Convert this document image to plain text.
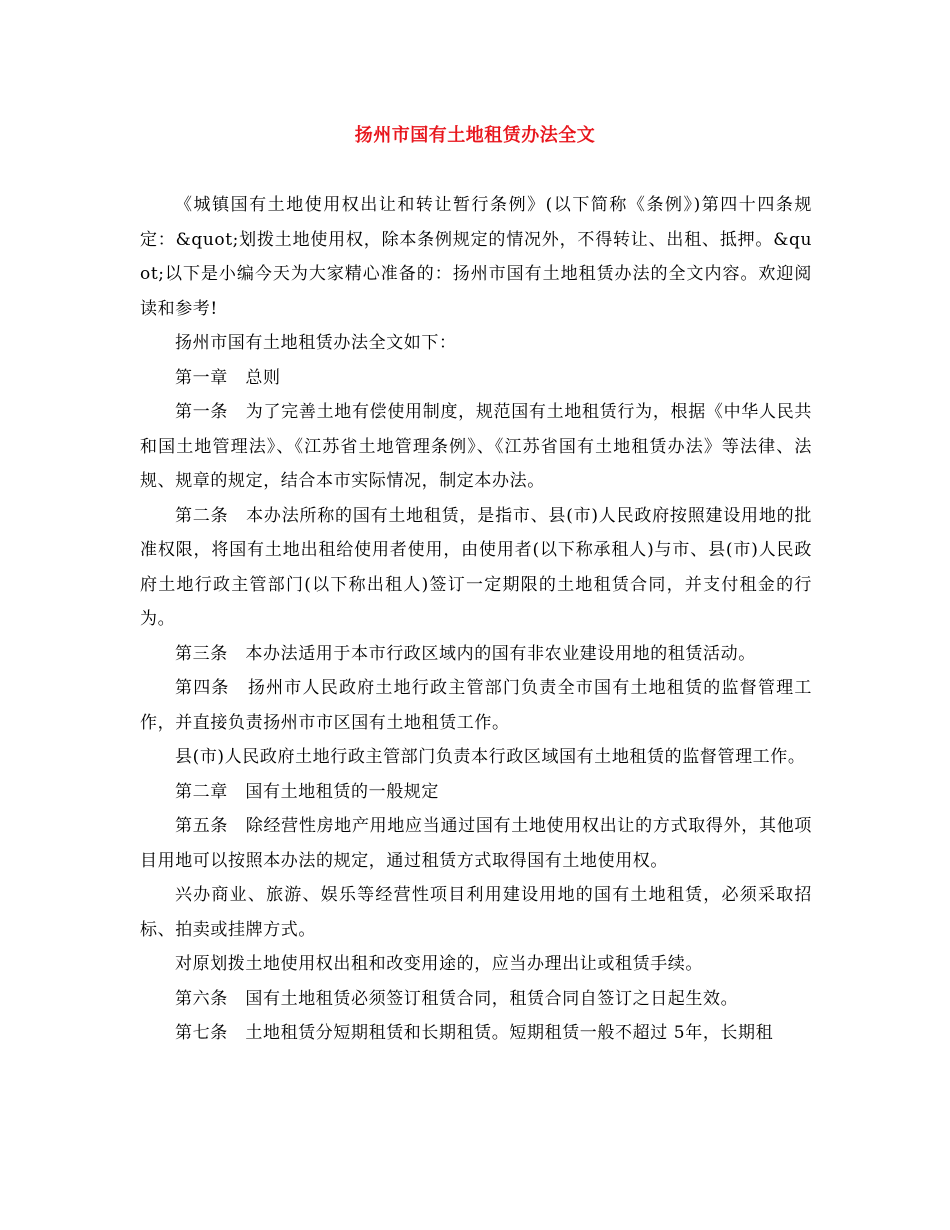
扬州市国有土地租赁办法全文

《城镇国有土地使用权出让和转让暂行条例》(以下简称《条例》)第四十四条规定：&quot;划拨土地使用权，除本条例规定的情况外，不得转让、出租、抵押。&quot;以下是小编今天为大家精心准备的：扬州市国有土地租赁办法的全文内容。欢迎阅读和参考!

扬州市国有土地租赁办法全文如下：

第一章　总则

第一条　为了完善土地有偿使用制度，规范国有土地租赁行为，根据《中华人民共和国土地管理法》、《江苏省土地管理条例》、《江苏省国有土地租赁办法》等法律、法规、规章的规定，结合本市实际情况，制定本办法。

第二条　本办法所称的国有土地租赁，是指市、县(市)人民政府按照建设用地的批准权限，将国有土地出租给使用者使用，由使用者(以下称承租人)与市、县(市)人民政府土地行政主管部门(以下称出租人)签订一定期限的土地租赁合同，并支付租金的行为。

第三条　本办法适用于本市行政区域内的国有非农业建设用地的租赁活动。

第四条　扬州市人民政府土地行政主管部门负责全市国有土地租赁的监督管理工作，并直接负责扬州市市区国有土地租赁工作。

县(市)人民政府土地行政主管部门负责本行政区域国有土地租赁的监督管理工作。

第二章　国有土地租赁的一般规定

第五条　除经营性房地产用地应当通过国有土地使用权出让的方式取得外，其他项目用地可以按照本办法的规定，通过租赁方式取得国有土地使用权。

兴办商业、旅游、娱乐等经营性项目利用建设用地的国有土地租赁，必须采取招标、拍卖或挂牌方式。

对原划拨土地使用权出租和改变用途的，应当办理出让或租赁手续。

第六条　国有土地租赁必须签订租赁合同，租赁合同自签订之日起生效。

第七条　土地租赁分短期租赁和长期租赁。短期租赁一般不超过 5年，长期租
